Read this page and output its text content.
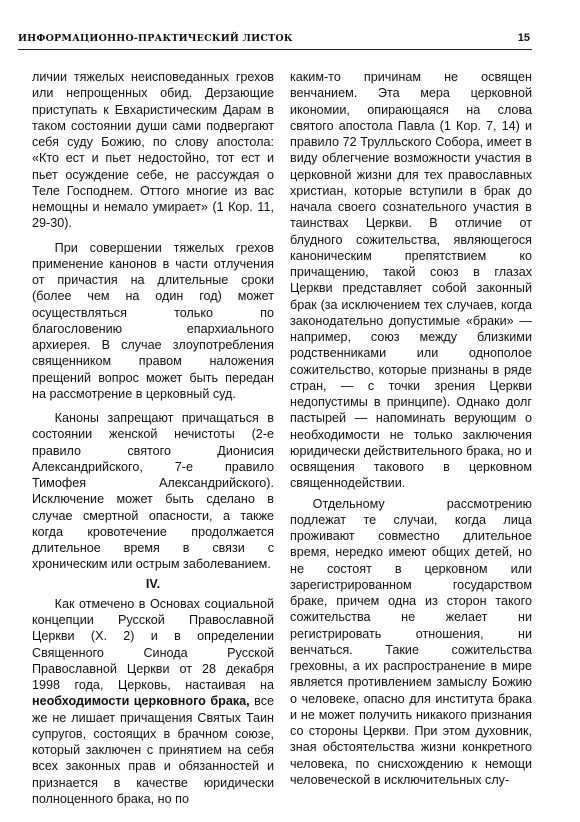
ИНФОРМАЦИОННО-ПРАКТИЧЕСКИЙ ЛИСТОК	15

личии тяжелых неисповеданных грехов или непрощенных обид. Дерзающие приступать к Евхаристическим Дарам в таком состоянии души сами подвергают себя суду Божию, по слову апостола: «Кто ест и пьет недостойно, тот ест и пьет осуждение себе, не рассуждая о Теле Господнем. Оттого многие из вас немощны и немало умирает» (1 Кор. 11, 29-30).

При совершении тяжелых грехов применение канонов в части отлучения от причастия на длительные сроки (более чем на один год) может осуществляться только по благословению епархиального архиерея. В случае злоупотребления священником правом наложения прещений вопрос может быть передан на рассмотрение в церковный суд.

Каноны запрещают причащаться в состоянии женской нечистоты (2-е правило святого Дионисия Александрийского, 7-е правило Тимофея Александрийского). Исключение может быть сделано в случае смертной опасности, а также когда кровотечение продолжается длительное время в связи с хроническим или острым заболеванием.

IV.

Как отмечено в Основах социальной концепции Русской Православной Церкви (X. 2) и в определении Священного Синода Русской Православной Церкви от 28 декабря 1998 года, Церковь, настаивая на необходимости церковного брака, все же не лишает причащения Святых Таин супругов, состоящих в брачном союзе, который заключен с принятием на себя всех законных прав и обязанностей и признается в качестве юридически полноценного брака, но по

каким-то причинам не освящен венчанием. Эта мера церковной икономии, опирающаяся на слова святого апостола Павла (1 Кор. 7, 14) и правило 72 Трулльского Собора, имеет в виду облегчение возможности участия в церковной жизни для тех православных христиан, которые вступили в брак до начала своего сознательного участия в таинствах Церкви. В отличие от блудного сожительства, являющегося каноническим препятствием ко причащению, такой союз в глазах Церкви представляет собой законный брак (за исключением тех случаев, когда законодательно допустимые «браки» — например, союз между близкими родственниками или однополое сожительство, которые признаны в ряде стран, — с точки зрения Церкви недопустимы в принципе). Однако долг пастырей — напоминать верующим о необходимости не только заключения юридически действительного брака, но и освящения такового в церковном священнодействии.

Отдельному рассмотрению подлежат те случаи, когда лица проживают совместно длительное время, нередко имеют общих детей, но не состоят в церковном или зарегистрированном государством браке, причем одна из сторон такого сожительства не желает ни регистрировать отношения, ни венчаться. Такие сожительства греховны, а их распространение в мире является противлением замыслу Божию о человеке, опасно для института брака и не может получить никакого признания со стороны Церкви. При этом духовник, зная обстоятельства жизни конкретного человека, по снисхождению к немощи человеческой в исключительных слу-
